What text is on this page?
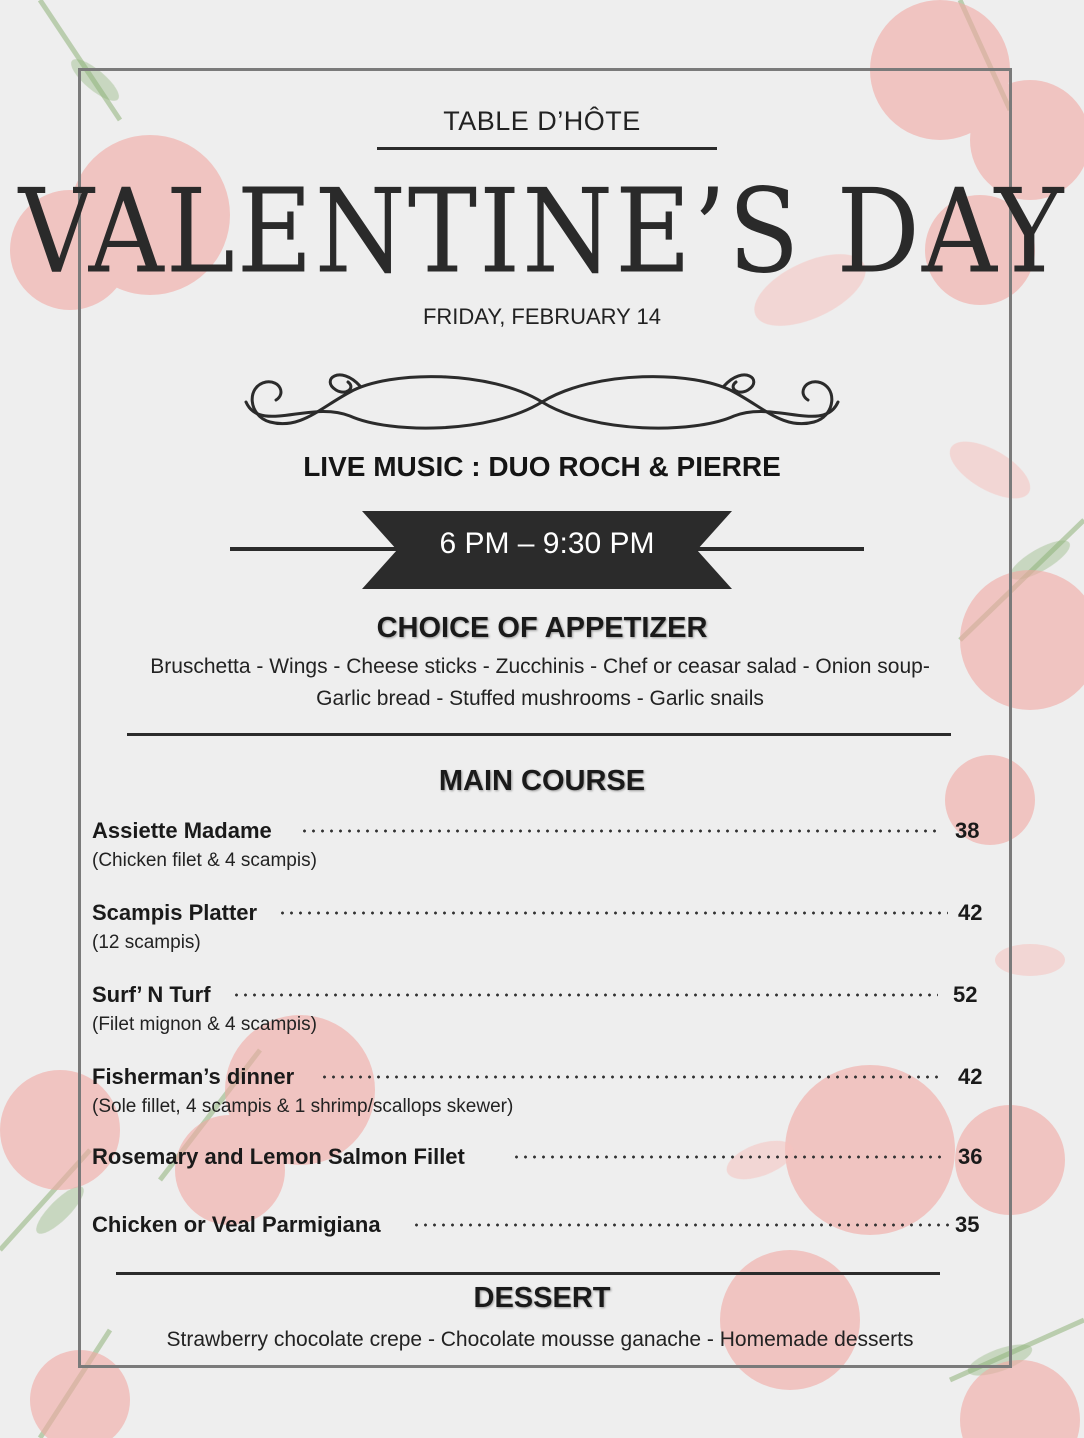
TABLE D’HÔTE
VALENTINE’S DAY
FRIDAY, FEBRUARY 14
LIVE MUSIC : DUO ROCH & PIERRE
6 PM – 9:30 PM
CHOICE OF APPETIZER
Bruschetta - Wings - Cheese sticks - Zucchinis - Chef or ceasar salad - Onion soup-
Garlic bread - Stuffed mushrooms - Garlic snails
MAIN COURSE
Assiette Madame	38
(Chicken filet & 4 scampis)
Scampis Platter	42
(12 scampis)
Surf’ N Turf	52
(Filet mignon & 4 scampis)
Fisherman’s dinner	42
(Sole fillet, 4 scampis & 1 shrimp/scallops skewer)
Rosemary and Lemon Salmon Fillet	36
Chicken or Veal Parmigiana	35
DESSERT
Strawberry chocolate crepe - Chocolate mousse ganache - Homemade desserts
